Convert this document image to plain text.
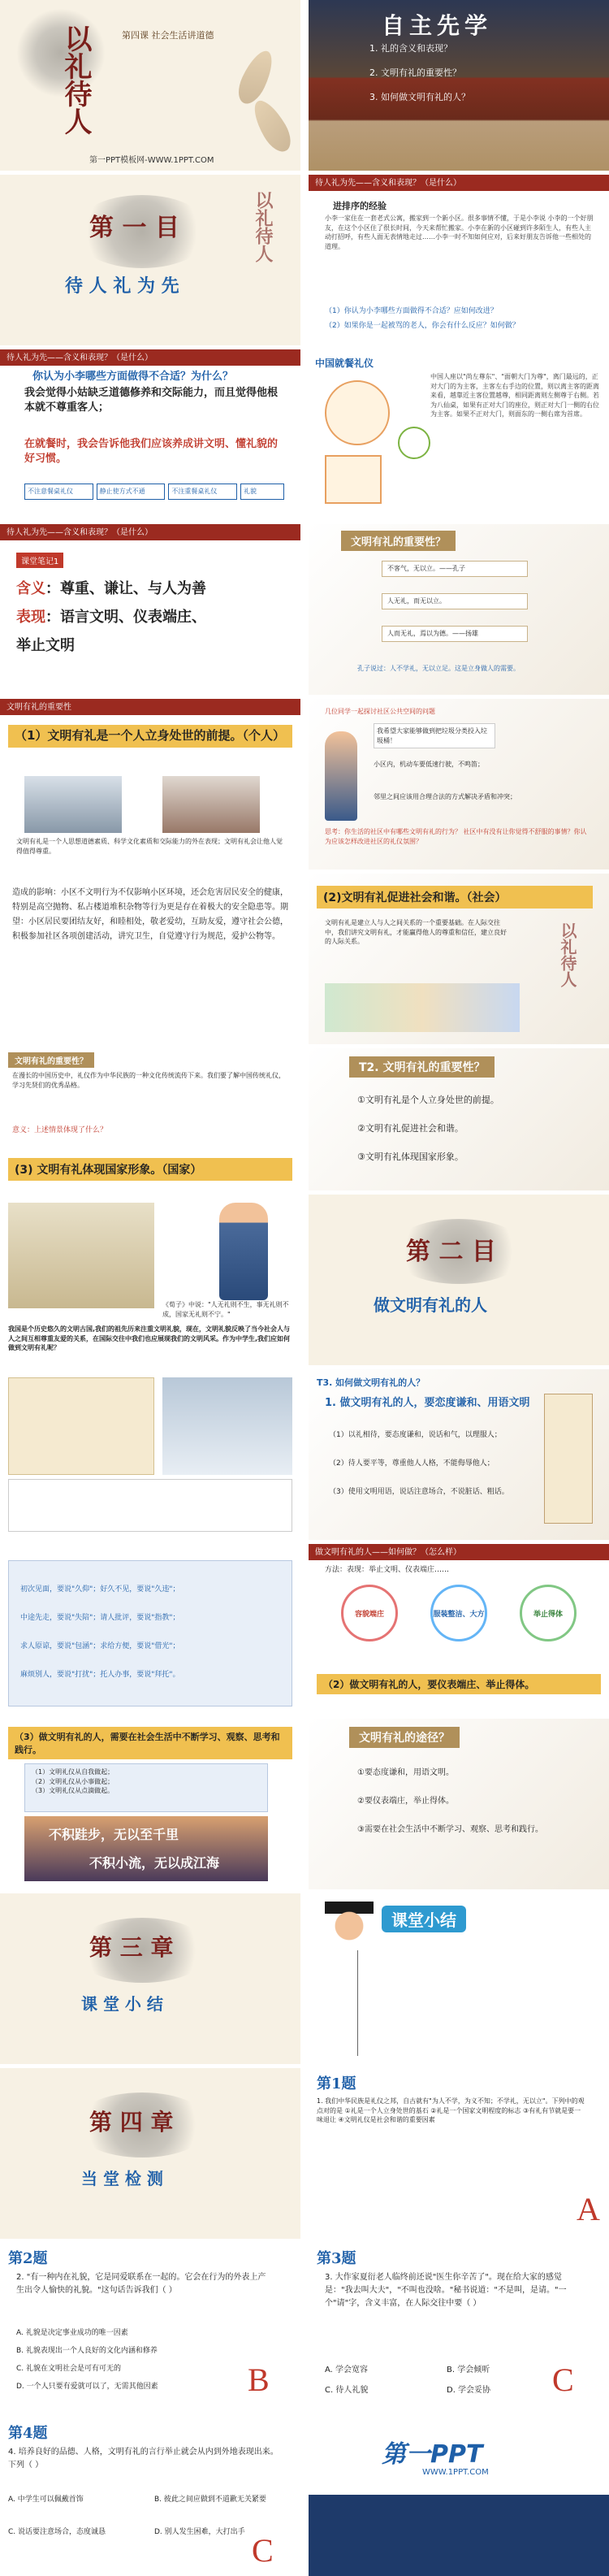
以礼待人	第四课 社会生活讲道德
第一PPT模板网-WWW.1PPT.COM
自主先学
1. 礼的含义和表现？
2. 文明有礼的重要性？
3. 如何做文明有礼的人？
第 一 目
待 人 礼 为 先
以礼待人
待人礼为先——含义和表现？（是什么）
进排序的经验
小李一家住在一套老式公寓，搬家到一个新小区。很多事情不懂，于是小李说 小李的一个好朋友，在这个小区住了很长时间，今天来帮忙搬家。小李在新的小区碰到许多陌生人，有些人主动打招呼，有些人面无表情地走过……小李一时不知如何应对，后来好朋友告诉他一些相处的道理。
（1）你认为小李哪些方面做得不合适？应如何改进？
（2）如果你是一起被骂的老人，你会有什么反应？如何做？
待人礼为先——含义和表现？（是什么）
你认为小李哪些方面做得不合适？为什么？
我会觉得小姑缺乏道德修养和交际能力，而且觉得他根本就不尊重客人；
在就餐时，我会告诉他我们应该养成讲文明、懂礼貌的好习惯。
不注意餐桌礼仪	静止使方式不通	不注重餐桌礼仪	礼貌
中国就餐礼仪
中国人座以"尚左尊东"、"面朝大门为尊"，离门最远的，正对大门的为主客，主客左右手边的位置，则以离主客的距离来看，越靠近主客位置越尊，相同距离则左侧尊于右侧。若为八仙桌，如果有正对大门的座位，则正对大门一侧的右位为主客。如果不正对大门，则面东的一侧右席为首席。
待人礼为先——含义和表现？（是什么）
课堂笔记1
含义：尊重、谦让、与人为善
表现：语言文明、仪表端庄、
举止文明
文明有礼的重要性？
不客气，无以立。——孔子
人无礼，而无以立。
人而无礼，焉以为德。——扬雄
孔子说过：人不学礼，无以立足。这是立身做人的需要。
文明有礼的重要性
（1）文明有礼是一个人立身处世的前提。（个人）
文明有礼是一个人思想道德素质、科学文化素质和交际能力的外在表现；文明有礼会让他人觉得值得尊重。
几位同学一起探讨社区公共空间的问题
我希望大家能够做到把垃圾分类投入垃圾桶！
小区内，机动车要低速行驶，不鸣笛；
邻里之间应该用合理合法的方式解决矛盾和冲突；
思考：你生活的社区中有哪些文明有礼的行为？ 社区中有没有让你觉得不舒服的事情？你认为应该怎样改进社区的礼仪氛围？
造成的影响：小区不文明行为不仅影响小区环境，还会危害居民安全的健康，特别是高空抛物、私占楼道堆积杂物等行为更是存在着极大的安全隐患等。期望：小区居民要团结友好，和睦相处，敬老爱幼，互助友爱，遵守社会公德，积极参加社区各项创建活动，讲究卫生，自觉遵守行为规范，爱护公物等。
(2)文明有礼促进社会和谐。（社会）
文明有礼是建立人与人之间关系的一个重要基础。在人际交往中，我们讲究文明有礼，才能赢得他人的尊重和信任，建立良好的人际关系。	以礼待人
文明有礼的重要性？
在漫长的中国历史中，礼仪作为中华民族的一种文化传统流传下来。我们要了解中国传统礼仪，学习先贤们的优秀品格。
意义：上述情景体现了什么？
(3) 文明有礼体现国家形象。（国家）
T2. 文明有礼的重要性？
①文明有礼是个人立身处世的前提。
②文明有礼促进社会和谐。
③文明有礼体现国家形象。
《荀子》中说："人无礼则不生，事无礼则不成，国家无礼则不宁。"
我国是个历史悠久的文明古国,我们的祖先历来注重文明礼貌，现在，文明礼貌反映了当今社会人与人之间互相尊重友爱的关系，在国际交往中我们也应展现我们的文明风采。作为中学生,我们应如何做到文明有礼呢？
第 二 目
做文明有礼的人
T3. 如何做文明有礼的人？
1. 做文明有礼的人，要恋度谦和、用语文明
（1）以礼相待，要态度谦和，说话和气，以理服人；
（2）待人要平等，尊重他人人格，不能侮辱他人；
（3）使用文明用语，说话注意场合，不说脏话、粗话。
初次见面，要说"久仰"；好久不见，要说"久违"；
中途先走，要说"失陪"；请人批评，要说"指教"；
求人原谅，要说"包涵"；求给方便，要说"借光"；
麻烦别人，要说"打扰"；托人办事，要说"拜托"。
做文明有礼的人——如何做？（怎么样）
方法：表现：举止文明、仪表端庄……
容貌端庄	服装整洁、大方	举止得体
（2）做文明有礼的人，要仪表端庄、举止得体。
（3）做文明有礼的人，需要在社会生活中不断学习、观察、思考和践行。
（1）文明礼仪从自我做起；
（2）文明礼仪从小事做起；
（3）文明礼仪从点滴做起。
不积跬步，无以至千里
不积小流，无以成江海
文明有礼的途径？
①要态度谦和，用语文明。
②要仪表端庄，举止得体。
③需要在社会生活中不断学习、观察、思考和践行。
第 三 章
课 堂 小 结
课堂小结
第 四 章
当 堂 检 测
第1题
1. 我们中华民族是礼仪之邦，自古就有"为人不学，为义不知；不学礼，无以立"。下列中的观点对的是 ①礼是一个人立身处世的基石 ②礼是一个国家文明程度的标志 ③有礼有节就是要一味退让 ④文明礼仪是社会和谐的重要因素
A
第2题
2. "有一种内在礼貌，它是同爱联系在一起的。它会在行为的外表上产生出令人愉快的礼貌。"这句话告诉我们（ ）
A. 礼貌是决定事业成功的唯一因素
B. 礼貌表现出一个人良好的文化内涵和修养
C. 礼貌在文明社会是可有可无的
D. 一个人只要有爱就可以了，无需其他因素	B
第3题
3. 大作家夏衍老人临终前还说"医生你辛苦了"。现在给大家的感觉是："我去叫大夫"，"不叫也没啥。"秘书说道："不是叫，是请。"一个"请"字，含义丰富，在人际交往中要（ ）
A. 学会宽容	B. 学会倾听
C. 待人礼貌	D. 学会妥协 C
第4题
4. 培养良好的品德、人格，文明有礼的言行举止就会从内到外地表现出来。下列（ ）
A. 中学生可以佩戴首饰	B. 彼此之间应做到不道歉无关紧要
C. 说话要注意场合，态度诚恳	D. 别人发生困难，大打出手 C
第一PPT
WWW.1PPT.COM
